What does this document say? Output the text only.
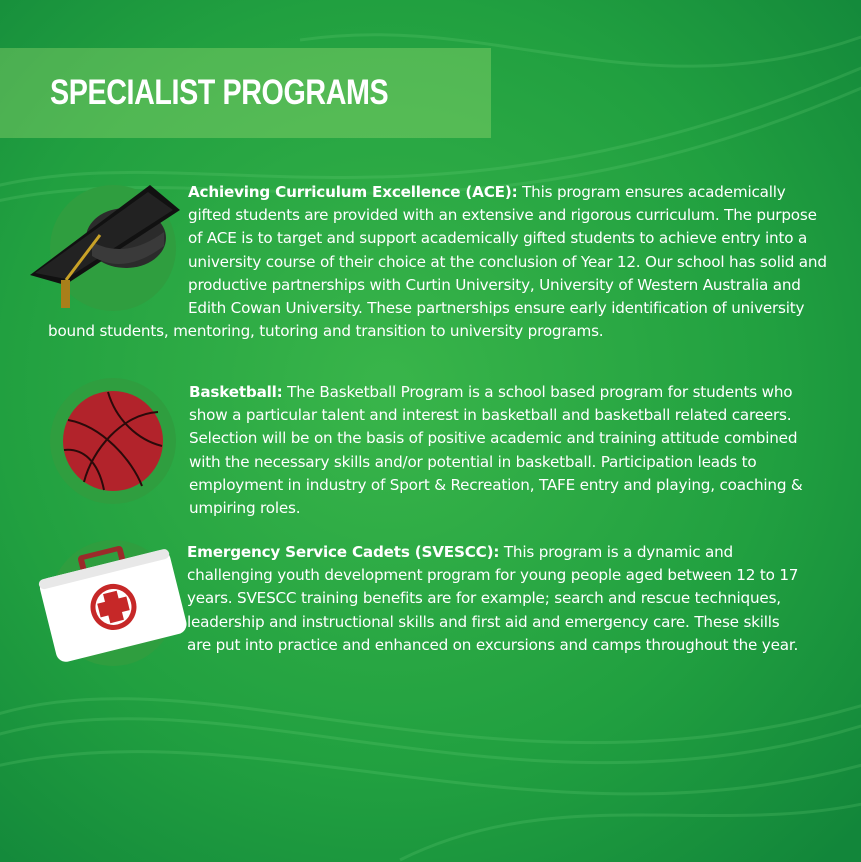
SPECIALIST PROGRAMS
Achieving Curriculum Excellence (ACE): This program ensures academically gifted students are provided with an extensive and rigorous curriculum. The purpose of ACE is to target and support academically gifted students to achieve entry into a university course of their choice at the conclusion of Year 12. Our school has solid and productive partnerships with Curtin University, University of Western Australia and Edith Cowan University. These partnerships ensure early identification of university bound students, mentoring, tutoring and transition to university programs.
Basketball: The Basketball Program is a school based program for students who show a particular talent and interest in basketball and basketball related careers. Selection will be on the basis of positive academic and training attitude combined with the necessary skills and/or potential in basketball. Participation leads to employment in industry of Sport & Recreation, TAFE entry and playing, coaching & umpiring roles.
Emergency Service Cadets (SVESCC): This program is a dynamic and challenging youth development program for young people aged between 12 to 17 years. SVESCC training benefits are for example; search and rescue techniques, leadership and instructional skills and first aid and emergency care. These skills are put into practice and enhanced on excursions and camps throughout the year.
